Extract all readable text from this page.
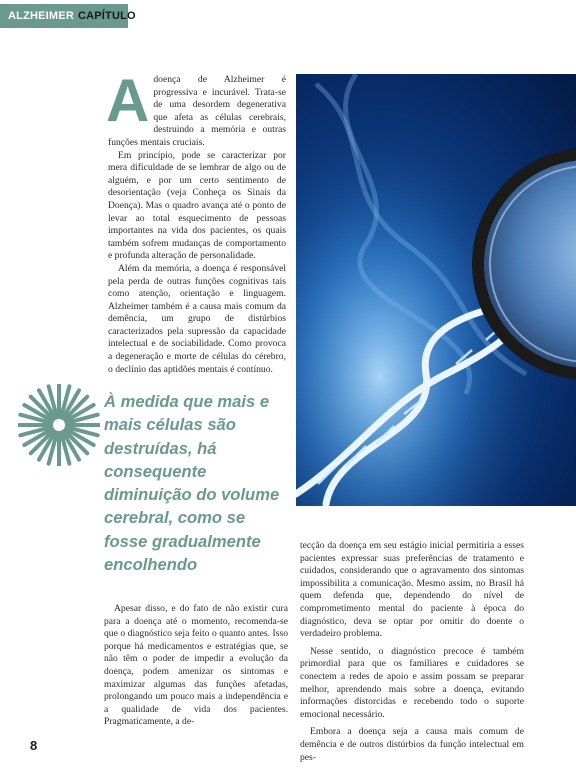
ALZHEIMER CAPÍTULO 1
A doença de Alzheimer é progressiva e incurável. Trata-se de uma desordem degenerativa que afeta as células cerebrais, destruindo a memória e outras funções mentais cruciais.

Em princípio, pode se caracterizar por mera dificuldade de se lembrar de algo ou de alguém, e por um certo sentimento de desorientação (veja Conheça os Sinais da Doença). Mas o quadro avança até o ponto de levar ao total esquecimento de pessoas importantes na vida dos pacientes, os quais também sofrem mudanças de comportamento e profunda alteração de personalidade.

Além da memória, a doença é responsável pela perda de outras funções cognitivas tais como atenção, orientação e linguagem. Alzheimer também é a causa mais comum da demência, um grupo de distúrbios caracterizados pela supressão da capacidade intelectual e de sociabilidade. Como provoca a degeneração e morte de células do cérebro, o declínio das aptidões mentais é contínuo.

À medida que mais e mais células são destruídas, há consequente diminuição do volume cerebral, como se fosse gradualmente encolhendo

Apesar disso, e do fato de não existir cura para a doença até o momento, recomenda-se que o diagnóstico seja feito o quanto antes. Isso porque há medicamentos e estratégias que, se não têm o poder de impedir a evolução da doença, podem amenizar os sintomas e maximizar algumas das funções afetadas, prolongando um pouco mais a independência e a qualidade de vida dos pacientes. Pragmaticamente, a de-

tecção da doença em seu estágio inicial permitiria a esses pacientes expressar suas preferências de tratamento e cuidados, considerando que o agravamento dos sintomas impossibilita a comunicação. Mesmo assim, no Brasil há quem defenda que, dependendo do nível de comprometimento mental do paciente à época do diagnóstico, deva se optar por omitir do doente o verdadeiro problema.

Nesse sentido, o diagnóstico precoce é também primordial para que os familiares e cuidadores se conectem a redes de apoio e assim possam se preparar melhor, aprendendo mais sobre a doença, evitando informações distorcidas e recebendo todo o suporte emocional necessário.

Embora a doença seja a causa mais comum de demência e de outros distúrbios da função intelectual em pes-

8
